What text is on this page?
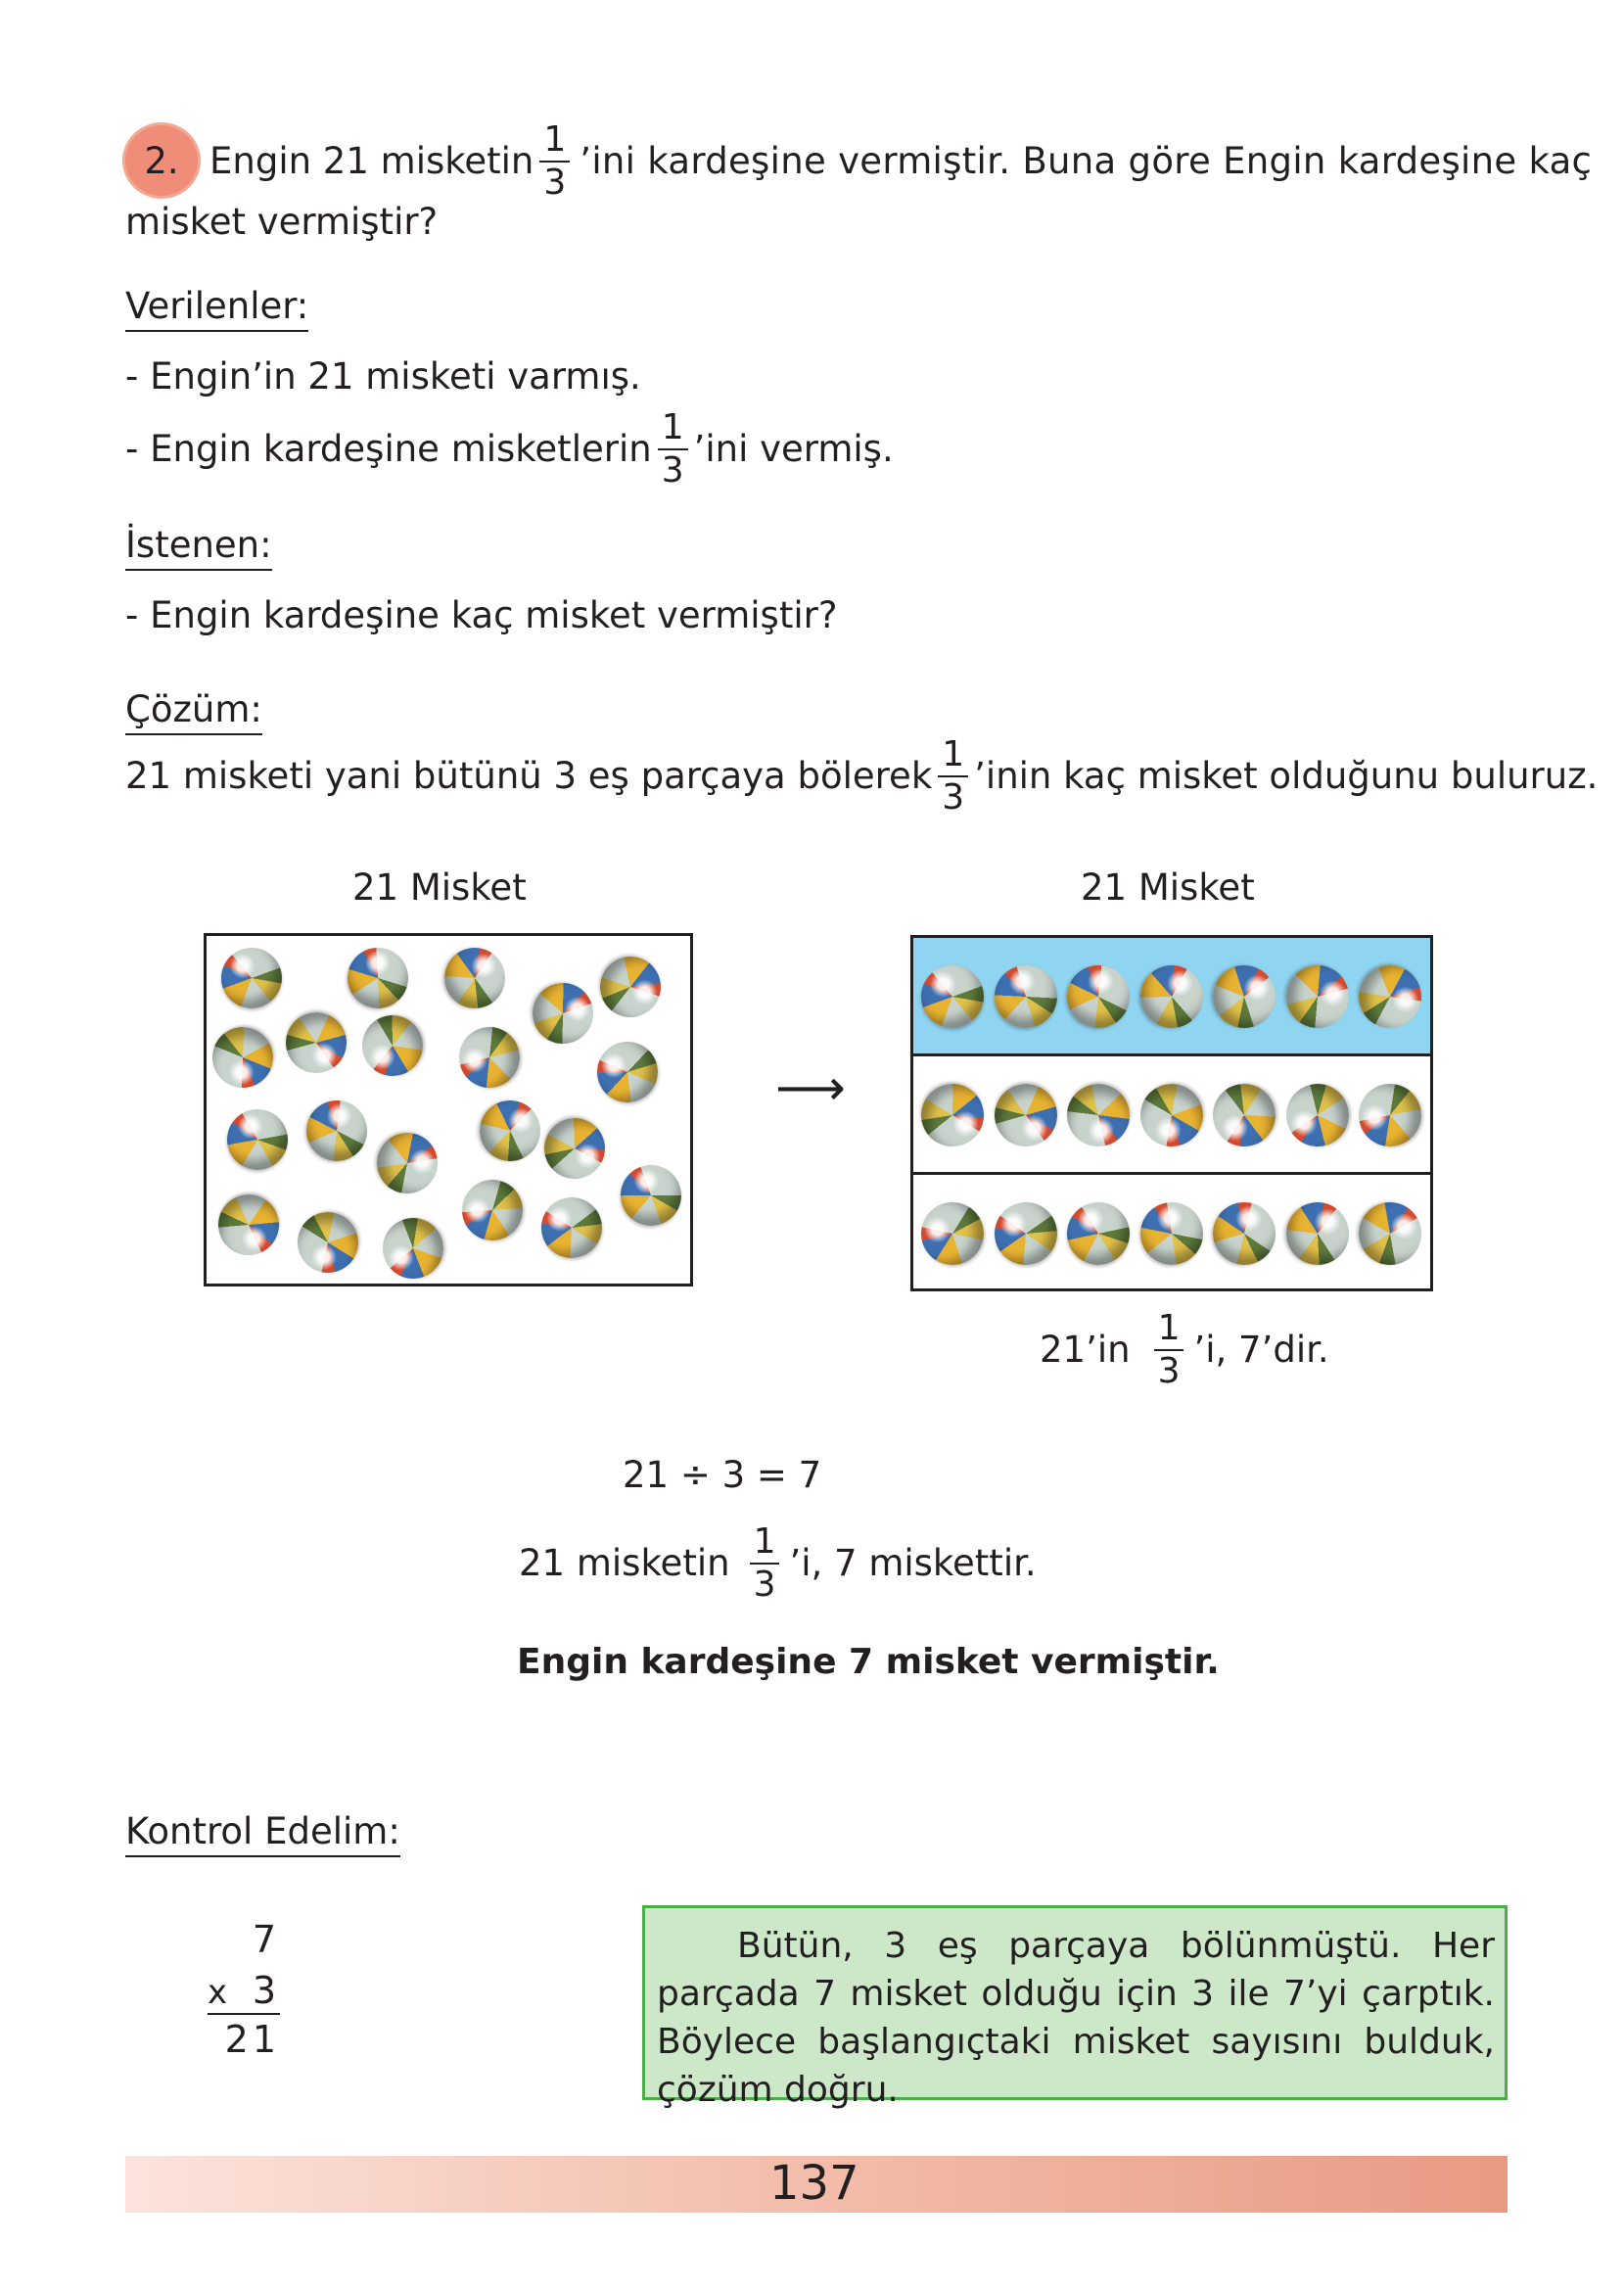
2. Engin 21 misketin $\frac{1}{3}$ ’ini kardeşine vermiştir. Buna göre Engin kardeşine kaç
misket vermiştir?
Verilenler:
- Engin’in 21 misketi varmış.
- Engin kardeşine misketlerin $\frac{1}{3}$ ’ini vermiş.
İstenen:
- Engin kardeşine kaç misket vermiştir?
Çözüm:
21 misketi yani bütünü 3 eş parçaya bölerek $\frac{1}{3}$ ’inin kaç misket olduğunu buluruz.
21 Misket	21 Misket
⟶
21’in $\frac{1}{3}$ ’i, 7’dir.
21 ÷ 3 = 7
21 misketin $\frac{1}{3}$ ’i, 7 miskettir.
Engin kardeşine 7 misket vermiştir.
Kontrol Edelim:
7
x 3
21
Bütün, 3 eş parçaya bölünmüştü. Her parçada 7 misket olduğu için 3 ile 7’yi çarptık. Böylece başlangıçtaki misket sayısını bulduk, çözüm doğru.
137
